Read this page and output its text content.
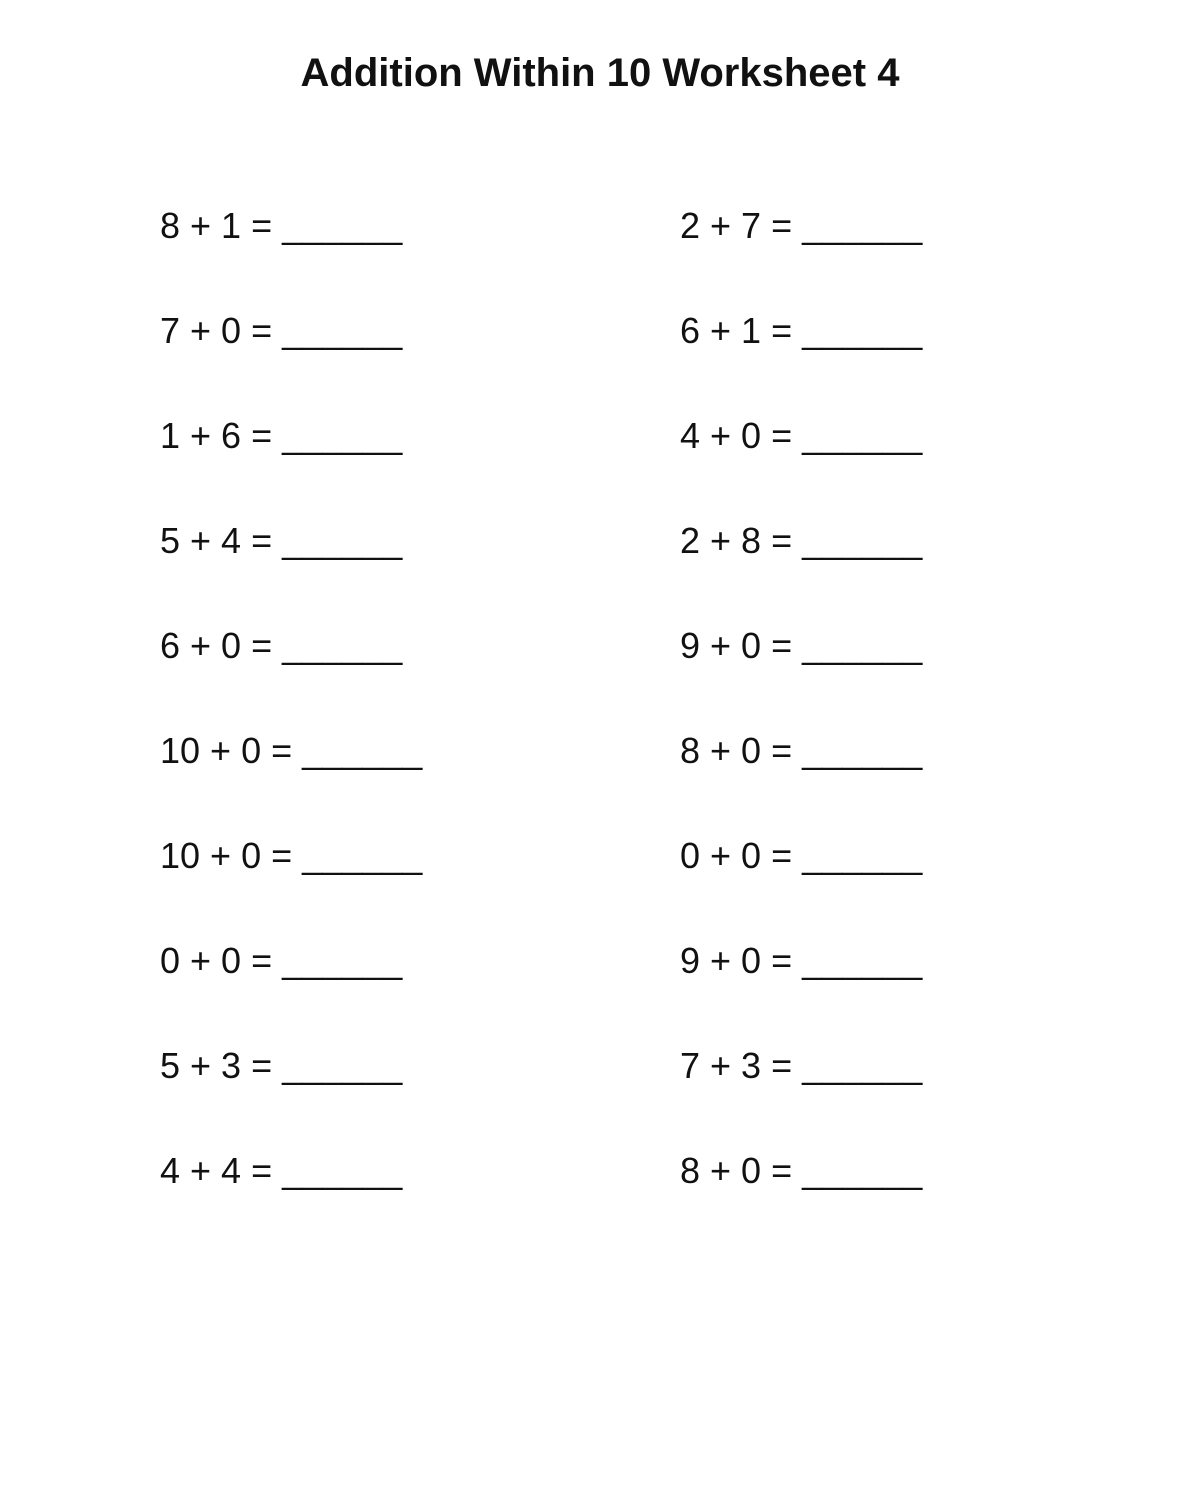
Addition Within 10 Worksheet 4
8 + 1 = ______	2 + 7 = ______
7 + 0 = ______	6 + 1 = ______
1 + 6 = ______	4 + 0 = ______
5 + 4 = ______	2 + 8 = ______
6 + 0 = ______	9 + 0 = ______
10 + 0 = ______	8 + 0 = ______
10 + 0 = ______	0 + 0 = ______
0 + 0 = ______	9 + 0 = ______
5 + 3 = ______	7 + 3 = ______
4 + 4 = ______	8 + 0 = ______
